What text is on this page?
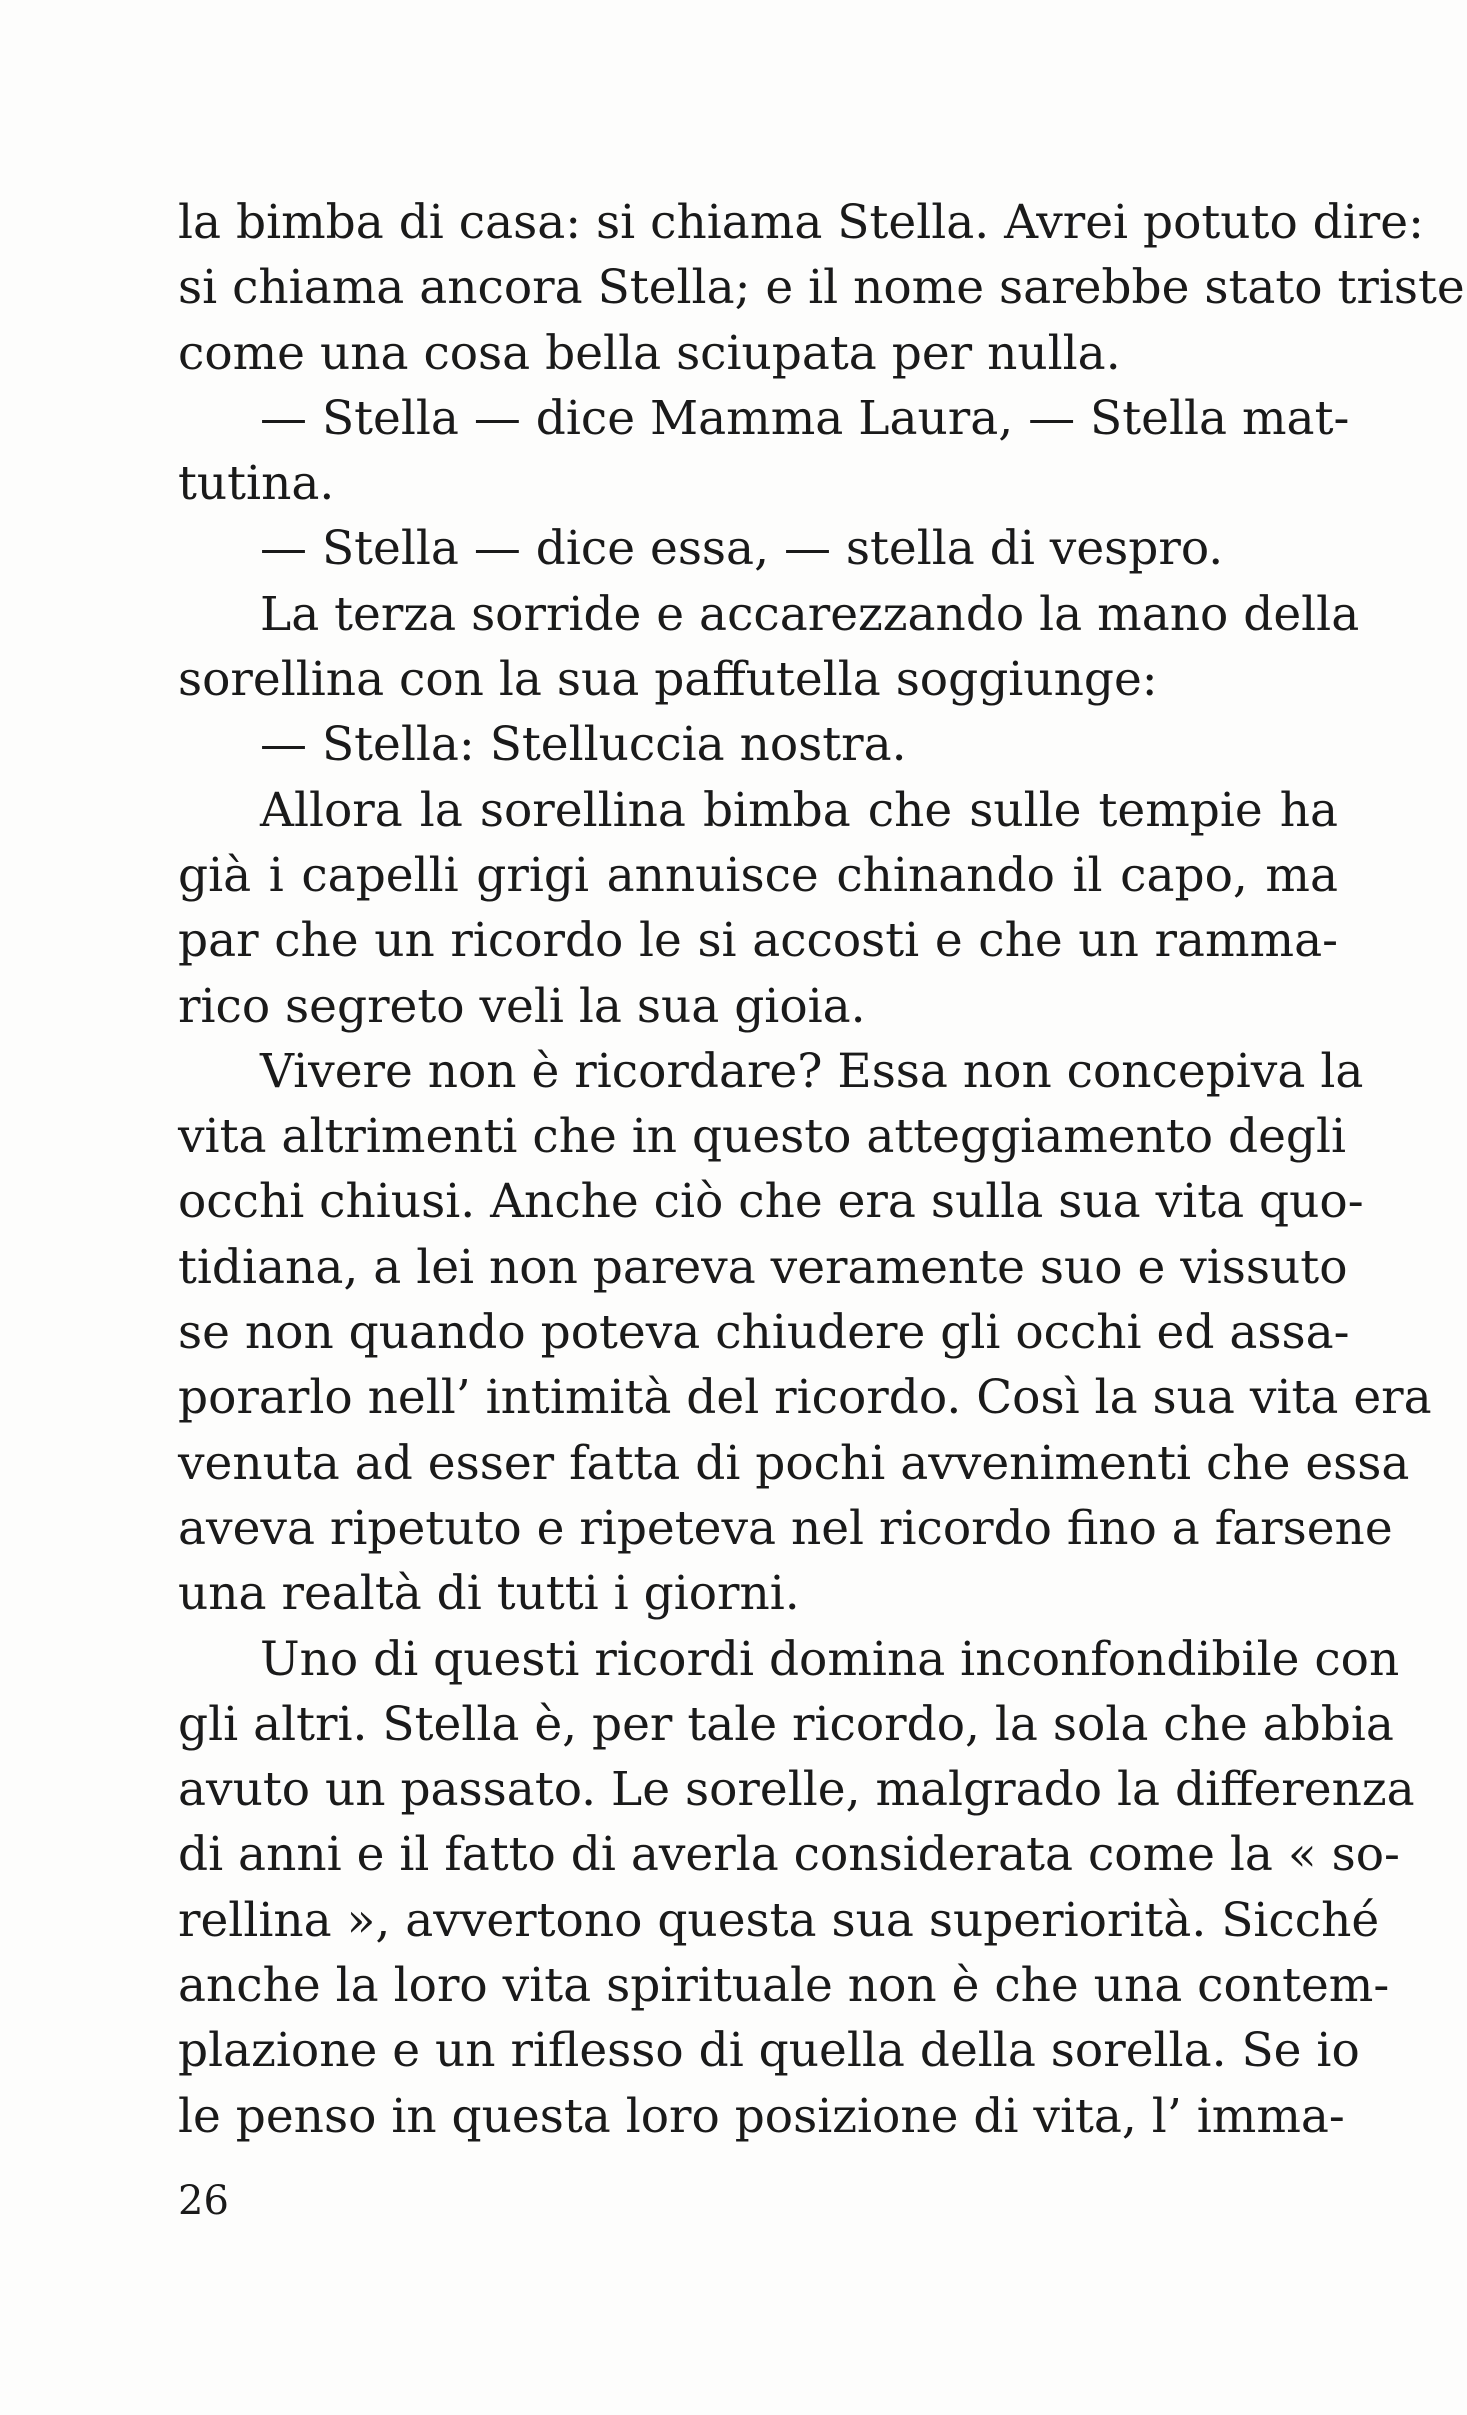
la bimba di casa: si chiama Stella. Avrei potuto dire:
si chiama ancora Stella; e il nome sarebbe stato triste
come una cosa bella sciupata per nulla.
— Stella — dice Mamma Laura, — Stella mat-
tutina.
— Stella — dice essa, — stella di vespro.
La terza sorride e accarezzando la mano della
sorellina con la sua paffutella soggiunge:
— Stella: Stelluccia nostra.
Allora la sorellina bimba che sulle tempie ha
già i capelli grigi annuisce chinando il capo, ma
par che un ricordo le si accosti e che un rammа-
rico segreto veli la sua gioia.
Vivere non è ricordare? Essa non concepiva la
vita altrimenti che in questo atteggiamento degli
occhi chiusi. Anche ciò che era sulla sua vita quo-
tidiana, a lei non pareva veramente suo e vissuto
se non quando poteva chiudere gli occhi ed assa-
porarlo nell’ intimità del ricordo. Così la sua vita era
venuta ad esser fatta di pochi avvenimenti che essa
aveva ripetuto e ripeteva nel ricordo fino a farsene
una realtà di tutti i giorni.
Uno di questi ricordi domina inconfondibile con
gli altri. Stella è, per tale ricordo, la sola che abbia
avuto un passato. Le sorelle, malgrado la differenza
di anni e il fatto di averla considerata come la « so-
rellina », avvertono questa sua superiorità. Sicché
anche la loro vita spirituale non è che una contem-
plazione e un riflesso di quella della sorella. Se io
le penso in questa loro posizione di vita, l’ imma-
26
